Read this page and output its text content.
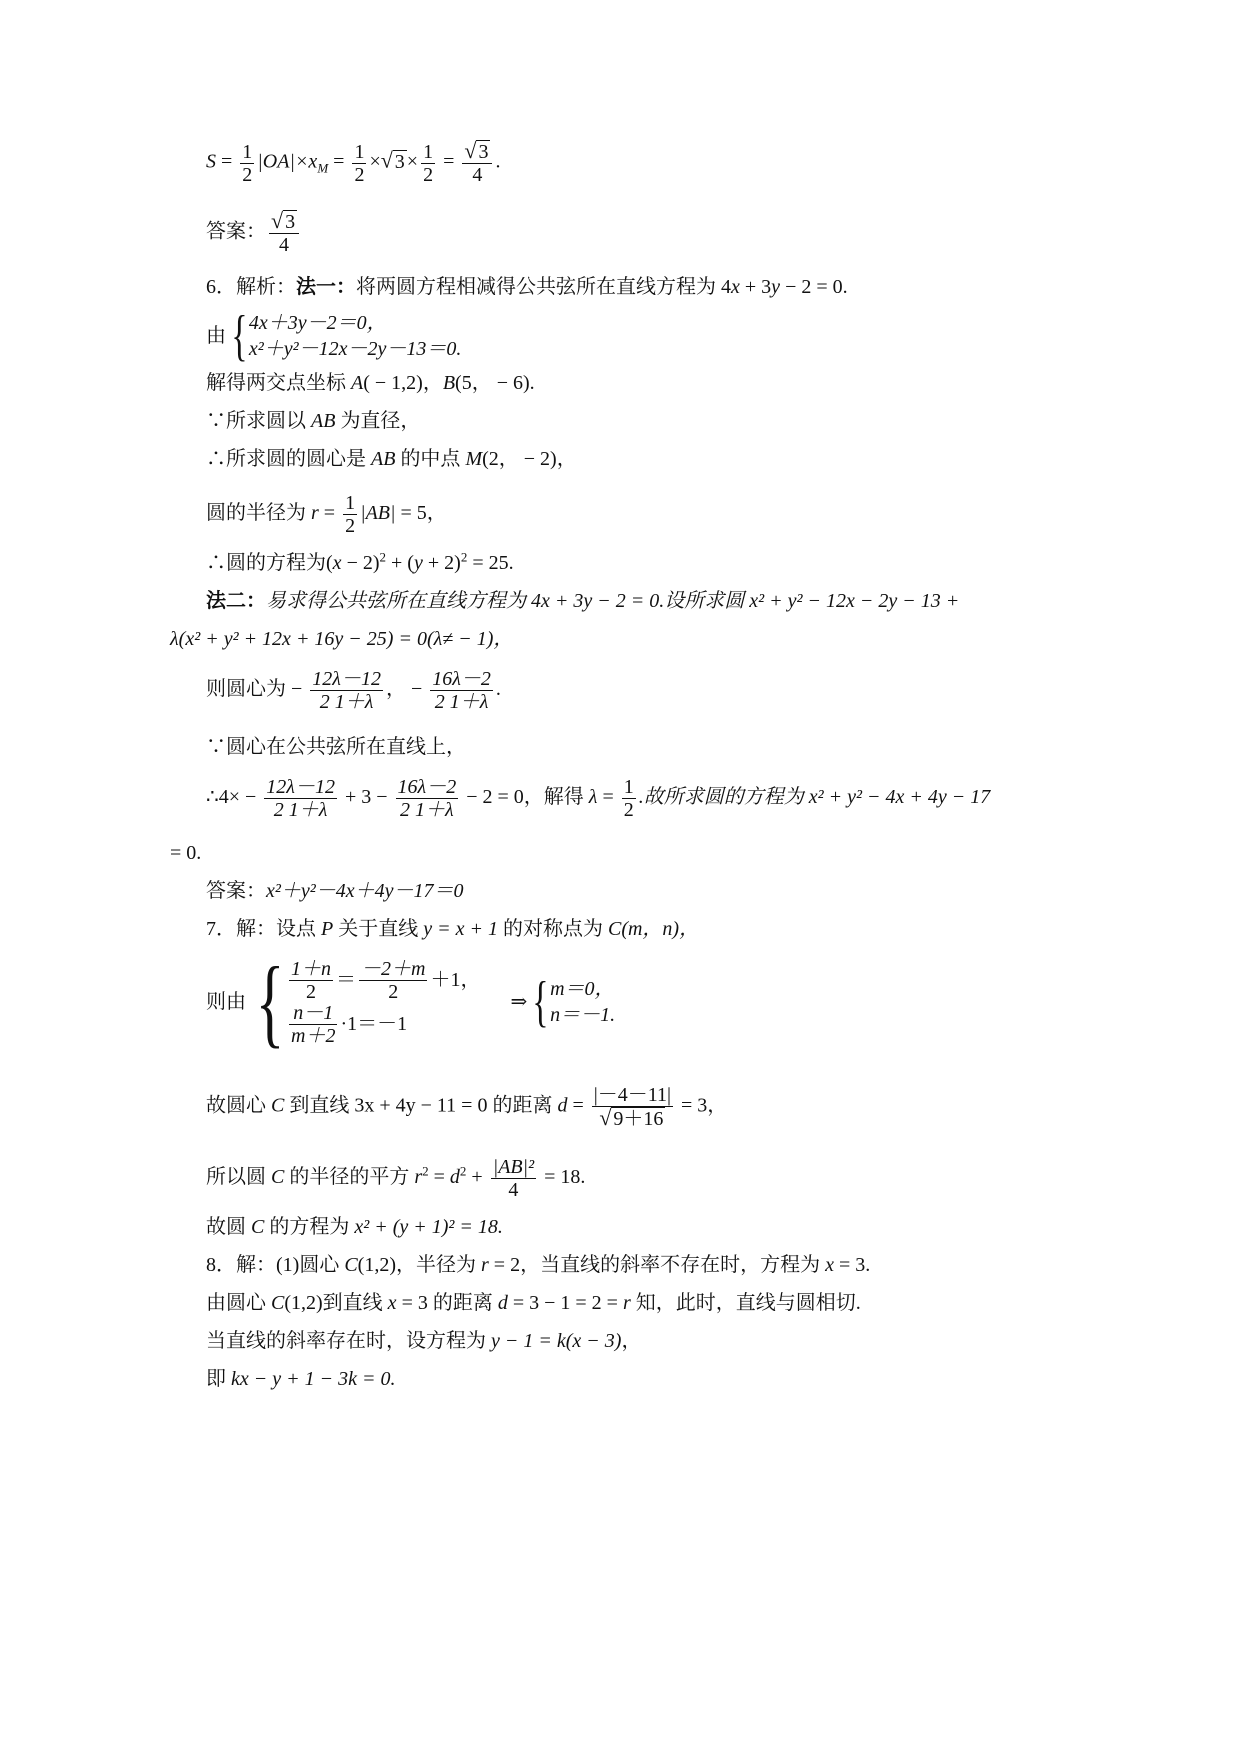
$S = \frac{1}{2} |OA|\times x_M = \frac{1}{2}$ ×√ $3 \times \frac{1}{2} = \frac{√ 3}{4}$ .
答案： $\frac{√ 3}{4}$
6．解析：法一：将两圆方程相减得公共弦所在直线方程为 4x + 3y − 2 = 0.
由{ 4x＋3y－2＝0，
x²＋y²－12x－2y－13＝0.
解得两交点坐标 A( − 1,2)，B(5， − 6).
∵所求圆以 AB 为直径，
∴所求圆的圆心是 AB 的中点 M(2， − 2)，
圆的半径为 $r = \frac{1}{2} |AB| = 5$，
∴圆的方程为$(x - 2)^2 + (y + 2)^2 = 25$.
法二：易求得公共弦所在直线方程为 4x + 3y − 2 = 0.设所求圆 x² + y² − 12x − 2y − 13 +
λ(x² + y² + 12x + 16y − 25) = 0(λ≠ − 1)，
则圆心为 − $\frac{12\lambda-12}{2 1+\lambda}$ ， − $\frac{16\lambda-2}{2 1+\lambda}$ .
∵圆心在公共弦所在直线上，
∴4× − $\frac{12\lambda-12}{2 1+\lambda} + 3 - \frac{16\lambda-2}{2 1+\lambda} - 2 = 0$，解得 $\lambda = \frac{1}{2}$ .故所求圆的方程为 x² + y² − 4x + 4y − 17
= 0.
答案：x²＋y²－4x＋4y－17＝0
7．解：设点 P 关于直线 y = x + 1 的对称点为 C(m，n)，
则由{ $\frac{1+n}{2} = \frac{-2+m}{2} +1$，
$\frac{n-1}{m+2} \cdot 1=-1$
⇒{ m＝0，
n＝－1.
故圆心 C 到直线 3x + 4y − 11 = 0 的距离 $d = \frac{|-4-11|}{√ 9+16} = 3$，
所以圆 C 的半径的平方 $r^2 = d^2 + \frac{\text{|AB|²}}{4} = 18$.
故圆 C 的方程为 x² + (y + 1)² = 18.
8．解：(1)圆心 C(1,2)，半径为 r = 2，当直线的斜率不存在时，方程为 x = 3.
由圆心 C(1,2)到直线 x = 3 的距离 d = 3 − 1 = 2 = r 知，此时，直线与圆相切.
当直线的斜率存在时，设方程为 y − 1 = k(x − 3)，
即 kx − y + 1 − 3k = 0.
